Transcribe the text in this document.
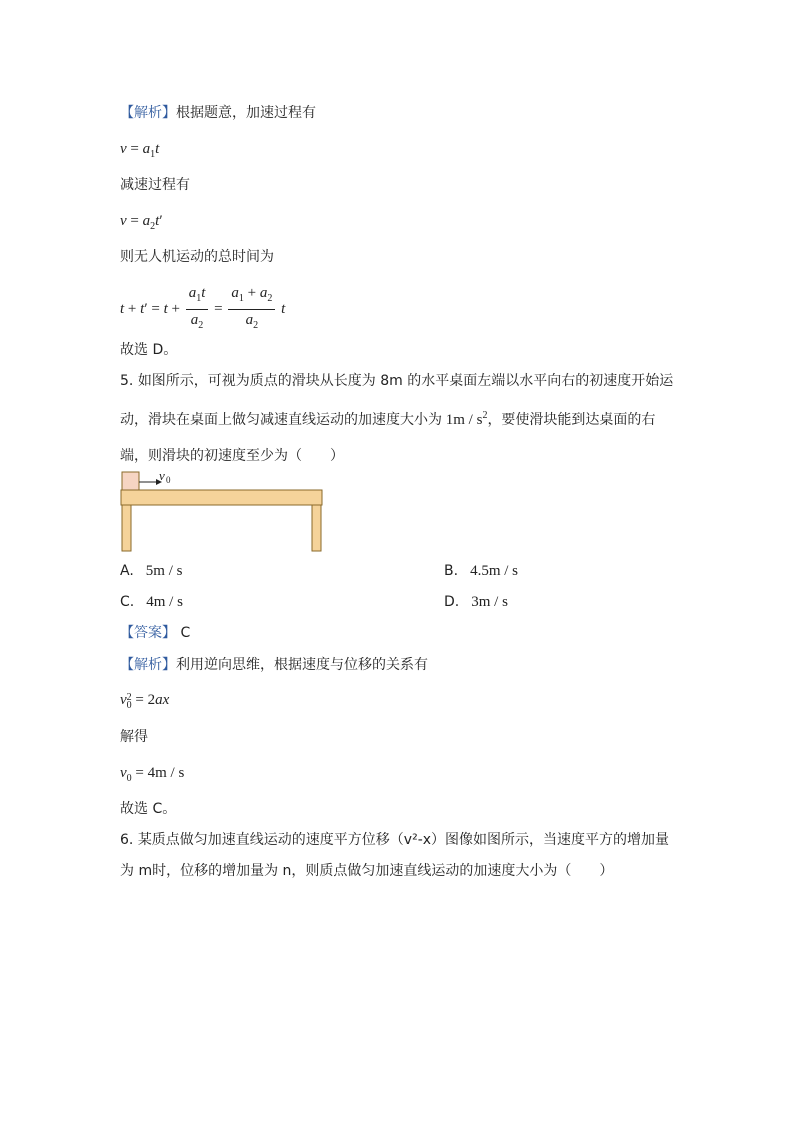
【解析】根据题意，加速过程有
$v = a_1t$
减速过程有
$v = a_2t'$
则无人机运动的总时间为
$t + t' = t + \frac{a_1t}{a_2} = \frac{a_1 + a_2}{a_2}$ t
故选 D。
5. 如图所示，可视为质点的滑块从长度为 8m 的水平桌面左端以水平向右的初速度开始运
动，滑块在桌面上做匀减速直线运动的加速度大小为 $1m / s^2$，要使滑块能到达桌面的右
端，则滑块的初速度至少为（　　）
v 0
A. 5m / s	B. 4.5m / s
C. 4m / s	D. 3m / s
【答案】 C
【解析】利用逆向思维，根据速度与位移的关系有
v $_{2 0}$ = 2ax
解得
$v_0 = 4m / s$
故选 C。
6. 某质点做匀加速直线运动的速度平方位移（v²-x）图像如图所示，当速度平方的增加量
为 m时，位移的增加量为 n，则质点做匀加速直线运动的加速度大小为（　　）
